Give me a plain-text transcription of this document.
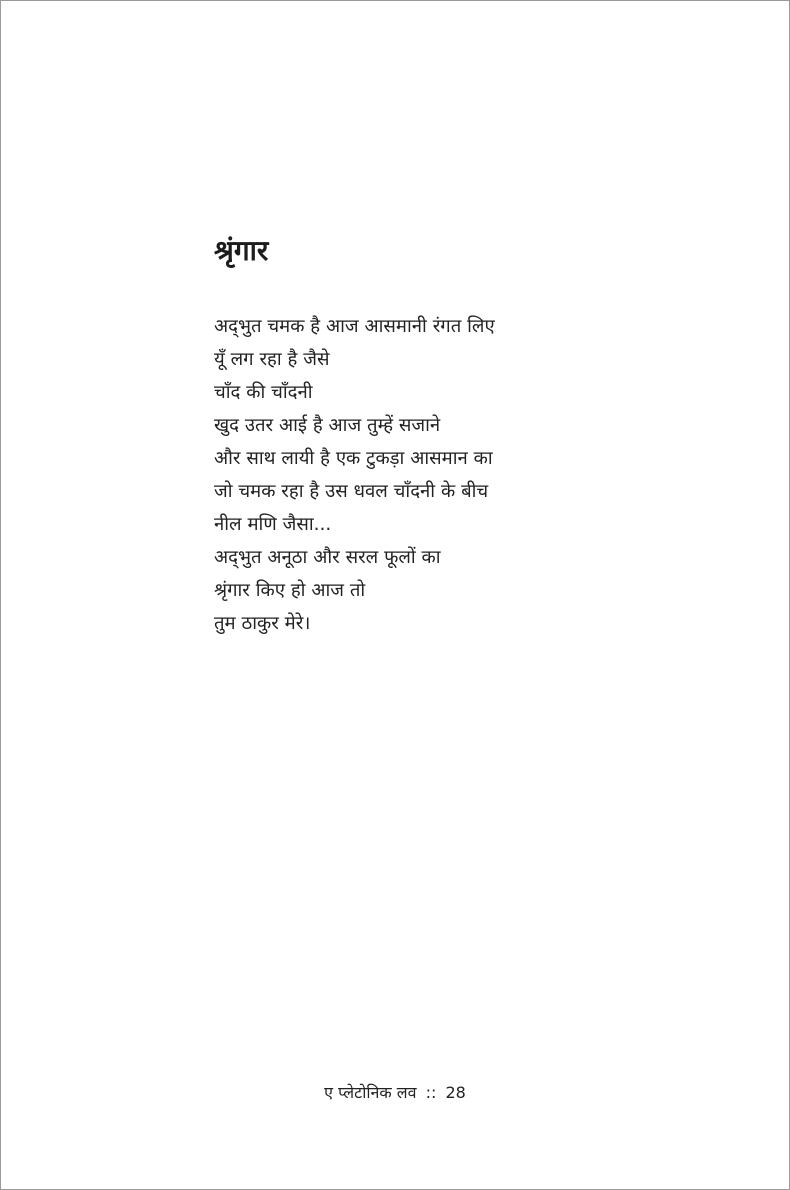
श्रृंगार
अद्‌भुत चमक है आज आसमानी रंगत लिए
यूँ लग रहा है जैसे
चाँद की चाँदनी
खुद उतर आई है आज तुम्हें सजाने
और साथ लायी है एक टुकड़ा आसमान का
जो चमक रहा है उस धवल चाँदनी के बीच
नील मणि जैसा...
अद्‌भुत अनूठा और सरल फूलों का
श्रृंगार किए हो आज तो
तुम ठाकुर मेरे।
ए प्लेटोनिक लव :: 28
